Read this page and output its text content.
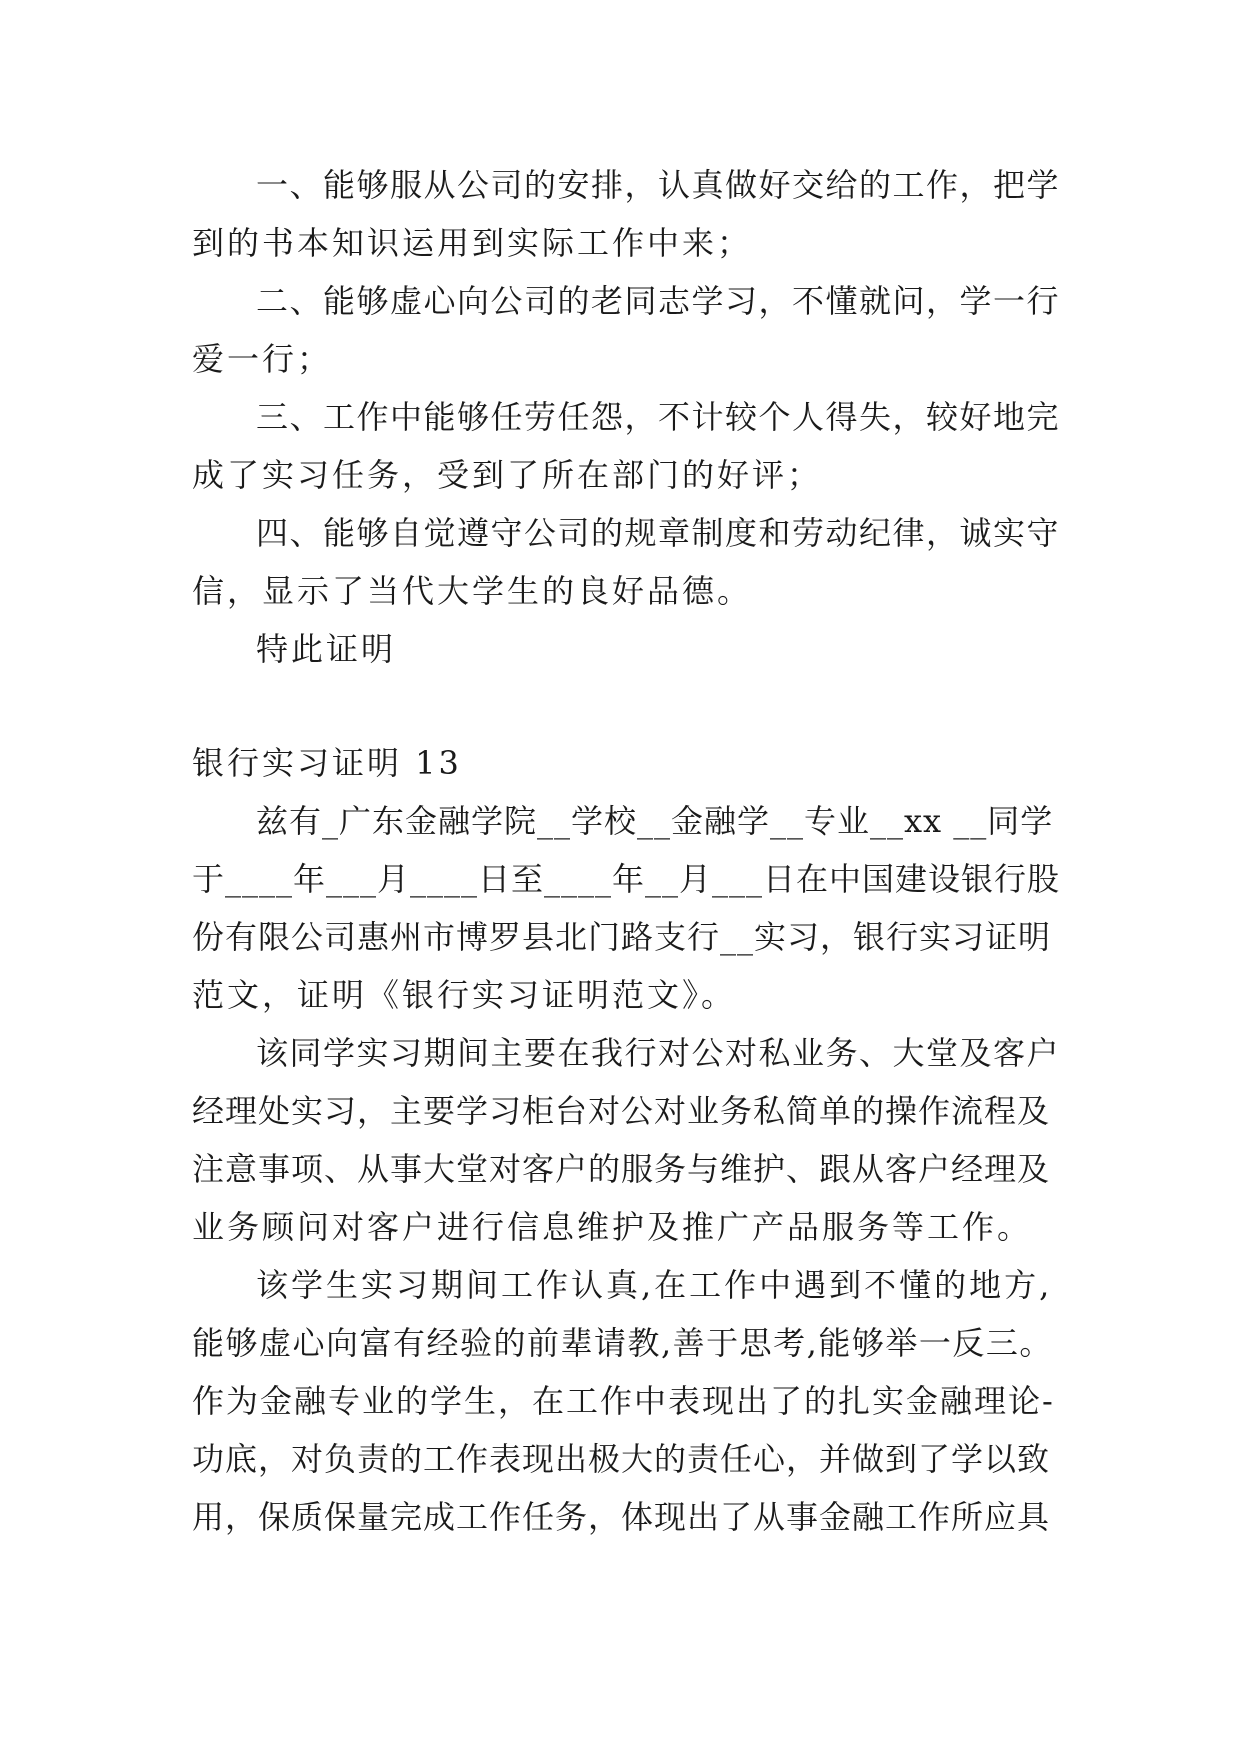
一、能够服从公司的安排，认真做好交给的工作，把学
到的书本知识运用到实际工作中来；
二、能够虚心向公司的老同志学习，不懂就问，学一行
爱一行；
三、工作中能够任劳任怨，不计较个人得失，较好地完
成了实习任务，受到了所在部门的好评；
四、能够自觉遵守公司的规章制度和劳动纪律，诚实守
信，显示了当代大学生的良好品德。
特此证明
银行实习证明 13
兹有_广东金融学院__学校__金融学__专业__xx __同学
于____年___月____日至____年__月___日在中国建设银行股
份有限公司惠州市博罗县北门路支行__实习，银行实习证明
范文，证明《银行实习证明范文》。
该同学实习期间主要在我行对公对私业务、大堂及客户
经理处实习，主要学习柜台对公对业务私简单的操作流程及
注意事项、从事大堂对客户的服务与维护、跟从客户经理及
业务顾问对客户进行信息维护及推广产品服务等工作。
该学生实习期间工作认真,在工作中遇到不懂的地方,
能够虚心向富有经验的前辈请教,善于思考,能够举一反三。
作为金融专业的学生，在工作中表现出了的扎实金融理论-
功底，对负责的工作表现出极大的责任心，并做到了学以致
用，保质保量完成工作任务，体现出了从事金融工作所应具
